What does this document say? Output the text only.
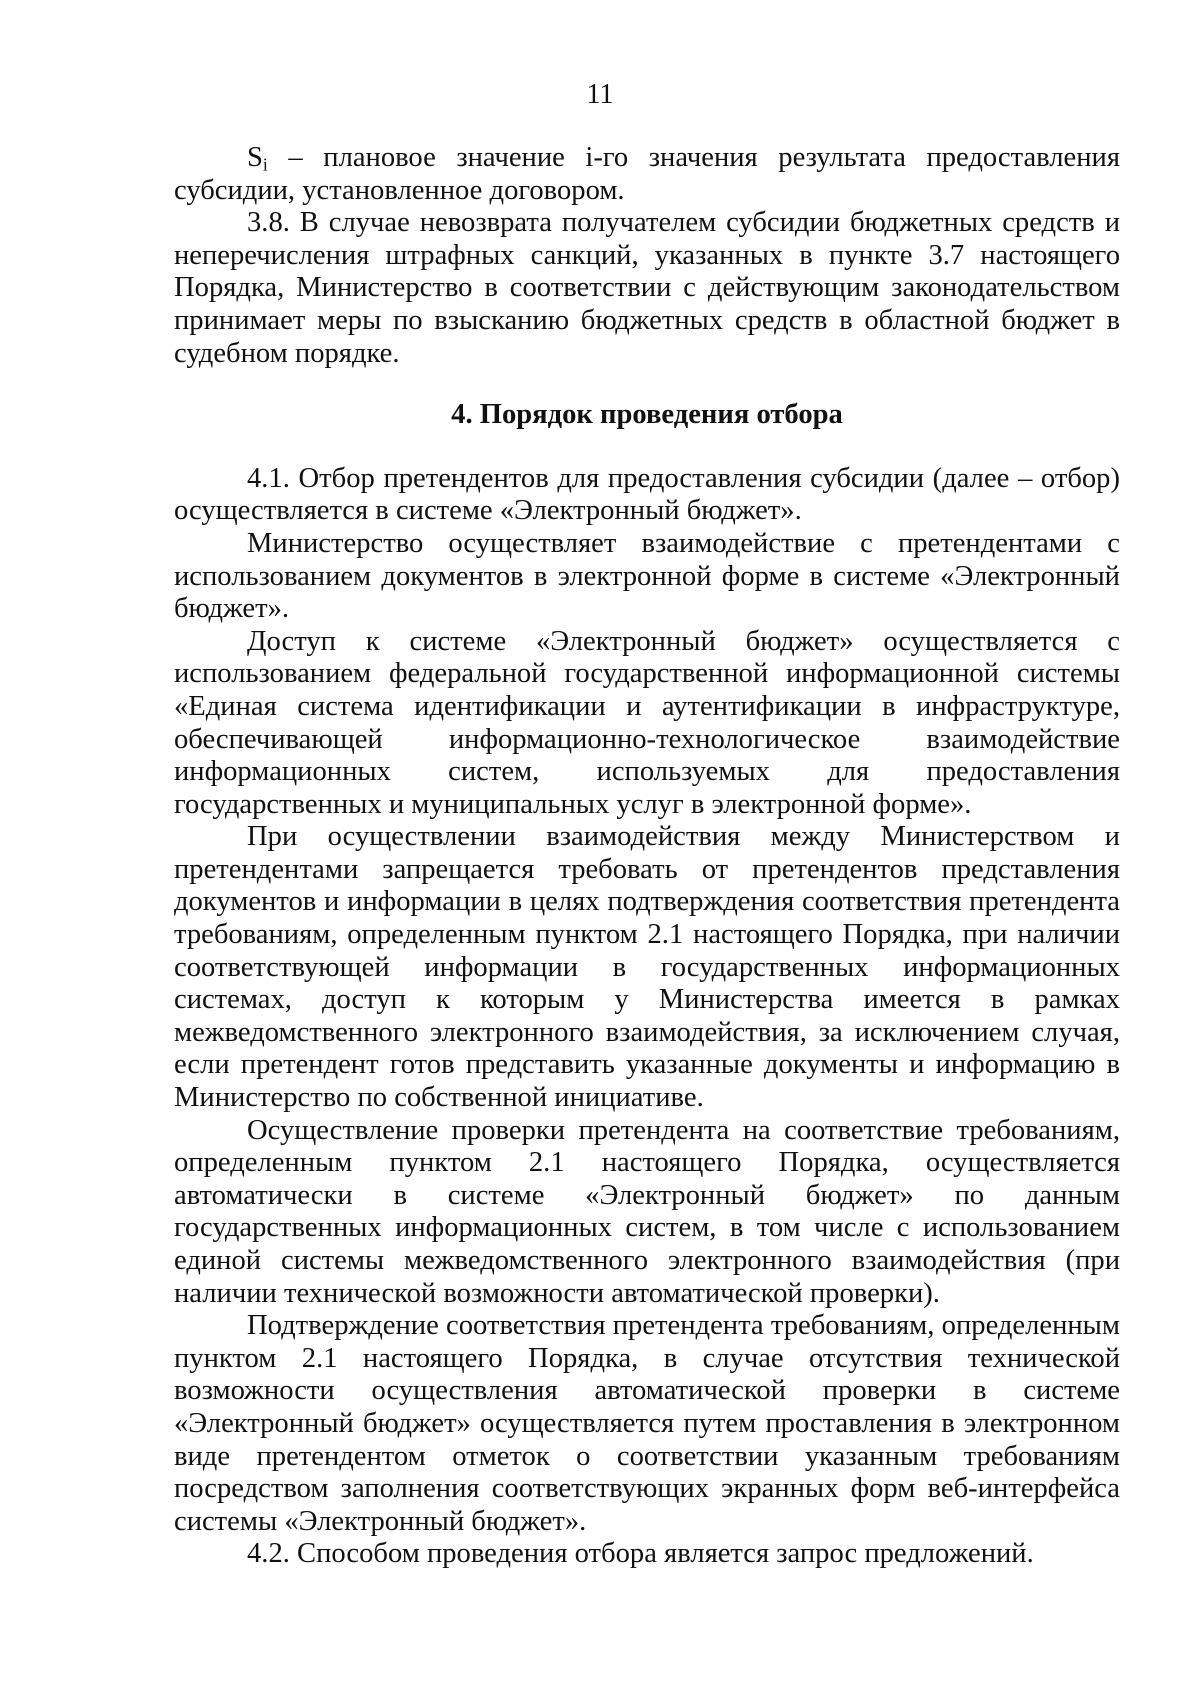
11

$S_i$ – плановое значение i-го значения результата предоставления субсидии, установленное договором.

3.8. В случае невозврата получателем субсидии бюджетных средств и неперечисления штрафных санкций, указанных в пункте 3.7 настоящего Порядка, Министерство в соответствии с действующим законодательством принимает меры по взысканию бюджетных средств в областной бюджет в судебном порядке.

4. Порядок проведения отбора

4.1. Отбор претендентов для предоставления субсидии (далее – отбор) осуществляется в системе «Электронный бюджет».

Министерство осуществляет взаимодействие с претендентами с использованием документов в электронной форме в системе «Электронный бюджет».

Доступ к системе «Электронный бюджет» осуществляется с использованием федеральной государственной информационной системы «Единая система идентификации и аутентификации в инфраструктуре, обеспечивающей информационно-технологическое взаимодействие информационных систем, используемых для предоставления государственных и муниципальных услуг в электронной форме».

При осуществлении взаимодействия между Министерством и претендентами запрещается требовать от претендентов представления документов и информации в целях подтверждения соответствия претендента требованиям, определенным пунктом 2.1 настоящего Порядка, при наличии соответствующей информации в государственных информационных системах, доступ к которым у Министерства имеется в рамках межведомственного электронного взаимодействия, за исключением случая, если претендент готов представить указанные документы и информацию в Министерство по собственной инициативе.

Осуществление проверки претендента на соответствие требованиям, определенным пунктом 2.1 настоящего Порядка, осуществляется автоматически в системе «Электронный бюджет» по данным государственных информационных систем, в том числе с использованием единой системы межведомственного электронного взаимодействия (при наличии технической возможности автоматической проверки).

Подтверждение соответствия претендента требованиям, определенным пунктом 2.1 настоящего Порядка, в случае отсутствия технической возможности осуществления автоматической проверки в системе «Электронный бюджет» осуществляется путем проставления в электронном виде претендентом отметок о соответствии указанным требованиям посредством заполнения соответствующих экранных форм веб-интерфейса системы «Электронный бюджет».

4.2. Способом проведения отбора является запрос предложений.
